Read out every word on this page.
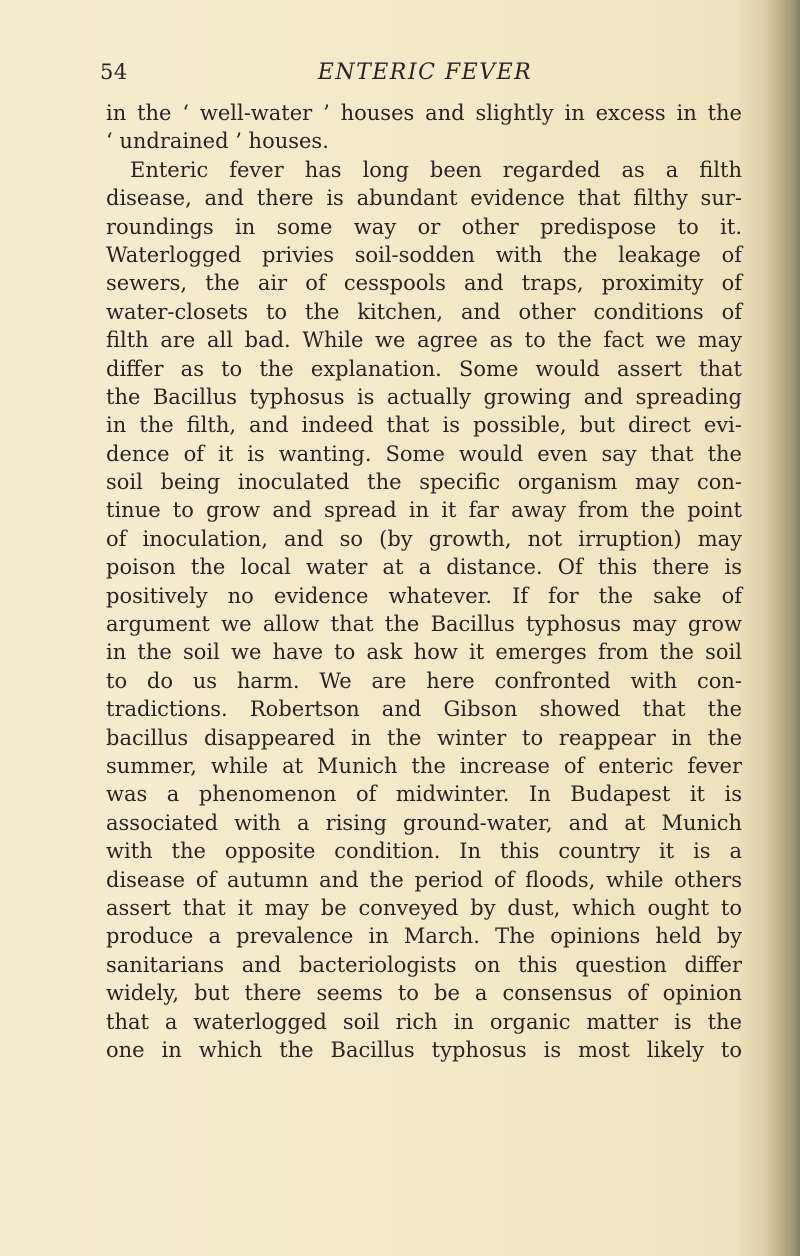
ENTERIC FEVER
54
in the ‘ well-water ’ houses and slightly in excess in the
‘ undrained ’ houses.
Enteric fever has long been regarded as a filth
disease, and there is abundant evidence that filthy sur-
roundings in some way or other predispose to it.
Waterlogged privies soil-sodden with the leakage of
sewers, the air of cesspools and traps, proximity of
water-closets to the kitchen, and other conditions of
filth are all bad. While we agree as to the fact we may
differ as to the explanation. Some would assert that
the Bacillus typhosus is actually growing and spreading
in the filth, and indeed that is possible, but direct evi-
dence of it is wanting. Some would even say that the
soil being inoculated the specific organism may con-
tinue to grow and spread in it far away from the point
of inoculation, and so (by growth, not irruption) may
poison the local water at a distance. Of this there is
positively no evidence whatever. If for the sake of
argument we allow that the Bacillus typhosus may grow
in the soil we have to ask how it emerges from the soil
to do us harm. We are here confronted with con-
tradictions. Robertson and Gibson showed that the
bacillus disappeared in the winter to reappear in the
summer, while at Munich the increase of enteric fever
was a phenomenon of midwinter. In Budapest it is
associated with a rising ground-water, and at Munich
with the opposite condition. In this country it is a
disease of autumn and the period of floods, while others
assert that it may be conveyed by dust, which ought to
produce a prevalence in March. The opinions held by
sanitarians and bacteriologists on this question differ
widely, but there seems to be a consensus of opinion
that a waterlogged soil rich in organic matter is the
one in which the Bacillus typhosus is most likely to
